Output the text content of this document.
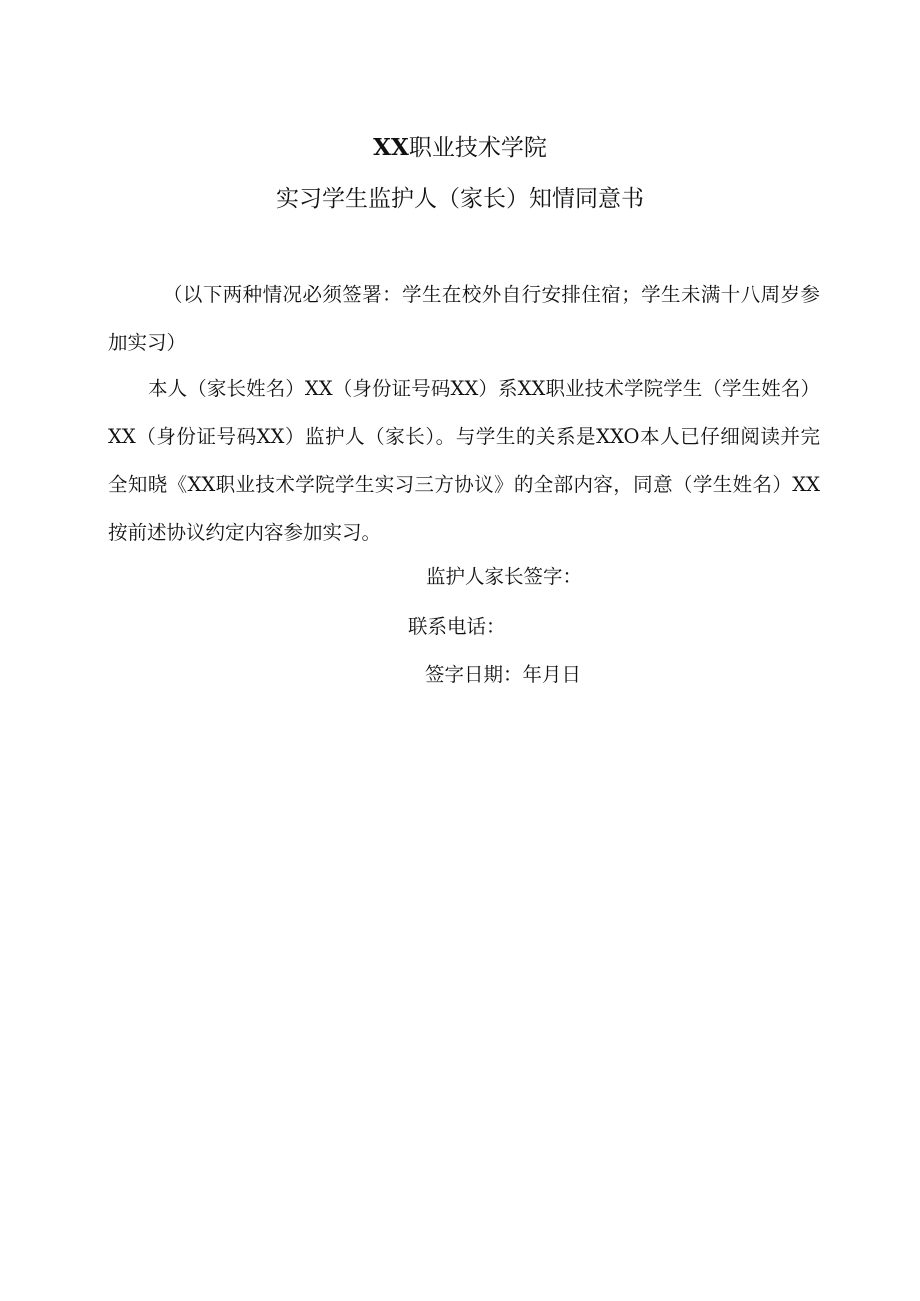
XX职业技术学院
实习学生监护人（家长）知情同意书
（以下两种情况必须签署：学生在校外自行安排住宿；学生未满十八周岁参加实习）
本人（家长姓名）XX（身份证号码XX）系XX职业技术学院学生（学生姓名）XX（身份证号码XX）监护人（家长）。与学生的关系是XXO本人已仔细阅读并完全知晓《XX职业技术学院学生实习三方协议》的全部内容，同意（学生姓名）XX按前述协议约定内容参加实习。
监护人家长签字：
联系电话：
签字日期：年月日
